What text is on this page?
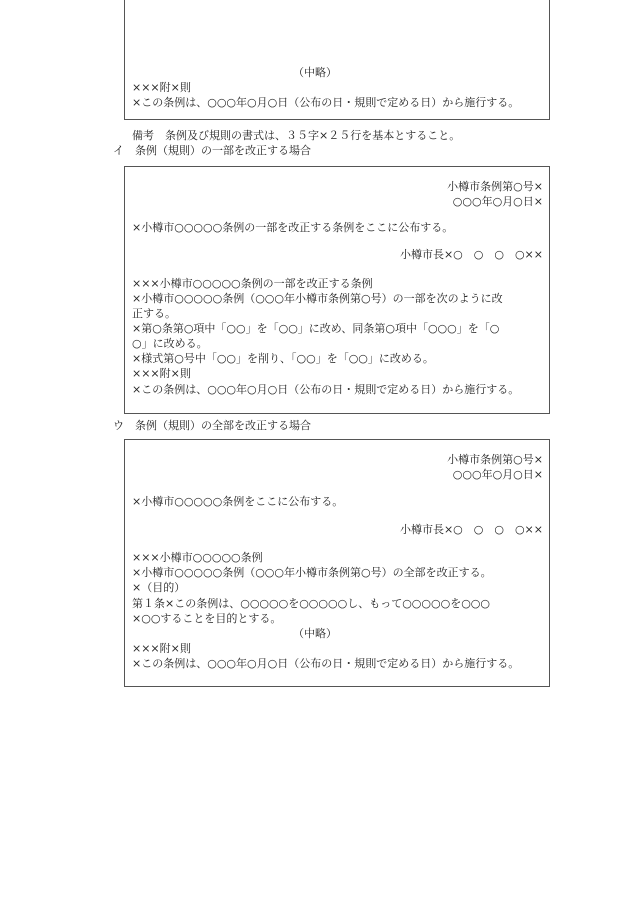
（中略）
×××附×則
×この条例は、○○○年○月○日（公布の日・規則で定める日）から施行する。
備考　条例及び規則の書式は、３５字×２５行を基本とすること。
イ　条例（規則）の一部を改正する場合
小樽市条例第○号×
○○○年○月○日×
×小樽市○○○○○条例の一部を改正する条例をここに公布する。
小樽市長×○　○　○　○××
×××小樽市○○○○○条例の一部を改正する条例
×小樽市○○○○○条例（○○○年小樽市条例第○号）の一部を次のように改
正する。
×第○条第○項中「○○」を「○○」に改め、同条第○項中「○○○」を「○
○」に改める。
×様式第○号中「○○」を削り、「○○」を「○○」に改める。
×××附×則
×この条例は、○○○年○月○日（公布の日・規則で定める日）から施行する。
ウ　条例（規則）の全部を改正する場合
小樽市条例第○号×
○○○年○月○日×
×小樽市○○○○○条例をここに公布する。
小樽市長×○　○　○　○××
×××小樽市○○○○○条例
×小樽市○○○○○条例（○○○年小樽市条例第○号）の全部を改正する。
×（目的）
第１条×この条例は、○○○○○を○○○○○し、もって○○○○○を○○○
×○○することを目的とする。
（中略）
×××附×則
×この条例は、○○○年○月○日（公布の日・規則で定める日）から施行する。
